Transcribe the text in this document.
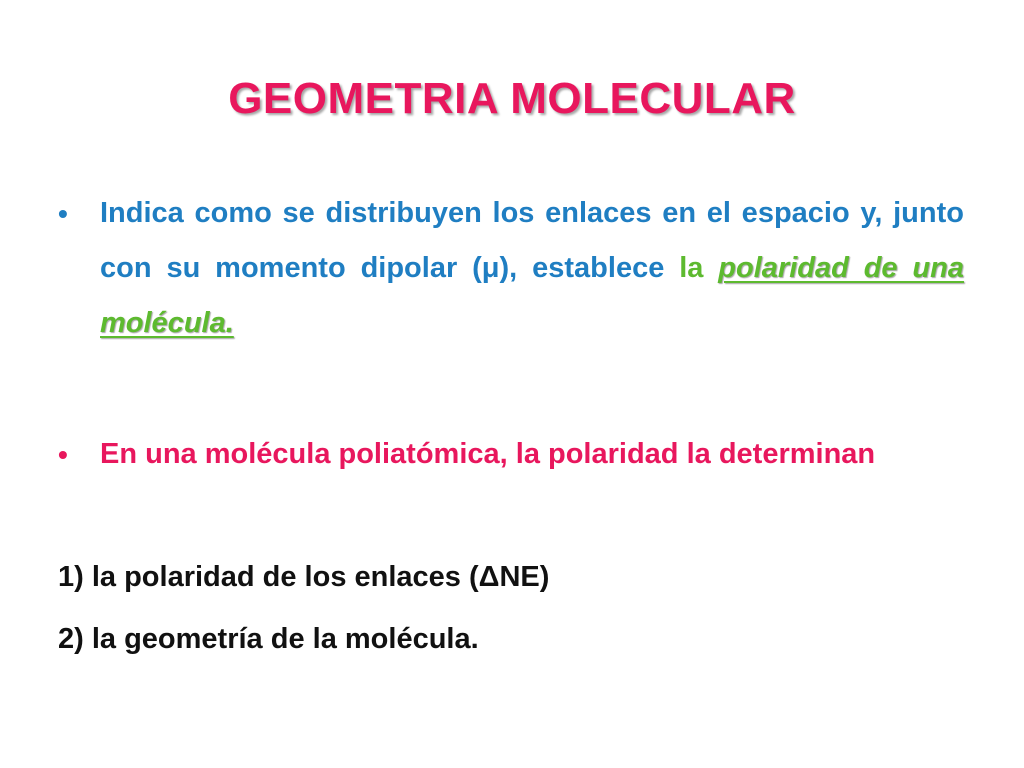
GEOMETRIA MOLECULAR
•	Indica como se distribuyen los enlaces en el espacio y, junto con su momento dipolar (μ), establece la polaridad de una molécula.
•	En una molécula poliatómica, la polaridad la determinan
1) la polaridad de los enlaces (ΔNE)
2) la geometría de la molécula.
